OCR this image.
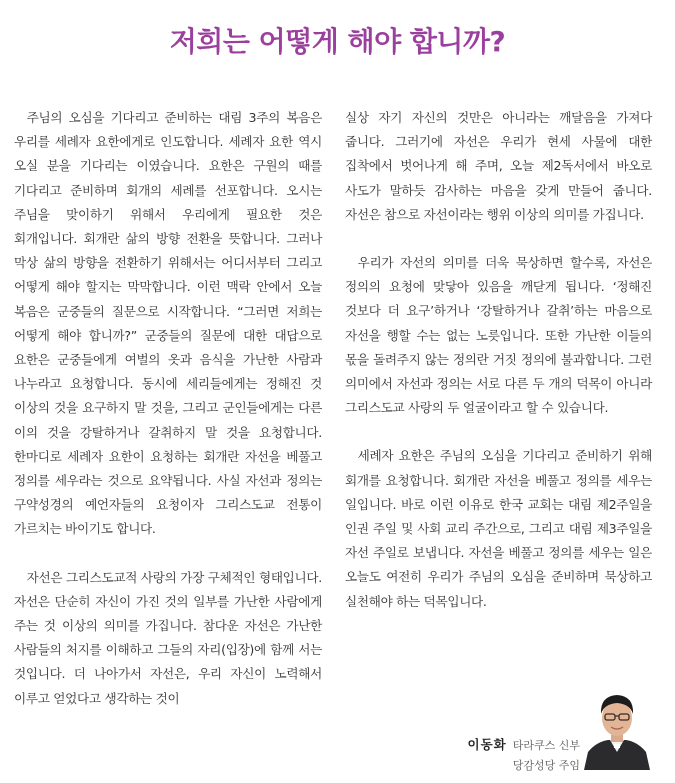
저희는 어떻게 해야 합니까?

주님의 오심을 기다리고 준비하는 대림 3주의 복음은 우리를 세례자 요한에게로 인도합니다. 세례자 요한 역시 오실 분을 기다리는 이였습니다. 요한은 구원의 때를 기다리고 준비하며 회개의 세례를 선포합니다. 오시는 주님을 맞이하기 위해서 우리에게 필요한 것은 회개입니다. 회개란 삶의 방향 전환을 뜻합니다. 그러나 막상 삶의 방향을 전환하기 위해서는 어디서부터 그리고 어떻게 해야 할지는 막막합니다. 이런 맥락 안에서 오늘 복음은 군중들의 질문으로 시작합니다. “그러면 저희는 어떻게 해야 합니까?” 군중들의 질문에 대한 대답으로 요한은 군중들에게 여벌의 옷과 음식을 가난한 사람과 나누라고 요청합니다. 동시에 세리들에게는 정해진 것 이상의 것을 요구하지 말 것을, 그리고 군인들에게는 다른 이의 것을 강탈하거나 갈취하지 말 것을 요청합니다. 한마디로 세례자 요한이 요청하는 회개란 자선을 베풀고 정의를 세우라는 것으로 요약됩니다. 사실 자선과 정의는 구약성경의 예언자들의 요청이자 그리스도교 전통이 가르치는 바이기도 합니다.

자선은 그리스도교적 사랑의 가장 구체적인 형태입니다. 자선은 단순히 자신이 가진 것의 일부를 가난한 사람에게 주는 것 이상의 의미를 가집니다. 참다운 자선은 가난한 사람들의 처지를 이해하고 그들의 자리(입장)에 함께 서는 것입니다. 더 나아가서 자선은, 우리 자신이 노력해서 이루고 얻었다고 생각하는 것이

실상 자기 자신의 것만은 아니라는 깨달음을 가져다 줍니다. 그러기에 자선은 우리가 현세 사물에 대한 집착에서 벗어나게 해 주며, 오늘 제2독서에서 바오로 사도가 말하듯 감사하는 마음을 갖게 만들어 줍니다. 자선은 참으로 자선이라는 행위 이상의 의미를 가집니다.

우리가 자선의 의미를 더욱 묵상하면 할수록, 자선은 정의의 요청에 맞닿아 있음을 깨닫게 됩니다. ‘정해진 것보다 더 요구’하거나 ‘강탈하거나 갈취’하는 마음으로 자선을 행할 수는 없는 노릇입니다. 또한 가난한 이들의 몫을 돌려주지 않는 정의란 거짓 정의에 불과합니다. 그런 의미에서 자선과 정의는 서로 다른 두 개의 덕목이 아니라 그리스도교 사랑의 두 얼굴이라고 할 수 있습니다.

세례자 요한은 주님의 오심을 기다리고 준비하기 위해 회개를 요청합니다. 회개란 자선을 베풀고 정의를 세우는 일입니다. 바로 이런 이유로 한국 교회는 대림 제2주일을 인권 주일 및 사회 교리 주간으로, 그리고 대림 제3주일을 자선 주일로 보냅니다. 자선을 베풀고 정의를 세우는 일은 오늘도 여전히 우리가 주님의 오심을 준비하며 묵상하고 실천해야 하는 덕목입니다.

이동화 타라쿠스 신부
당감성당 주임
